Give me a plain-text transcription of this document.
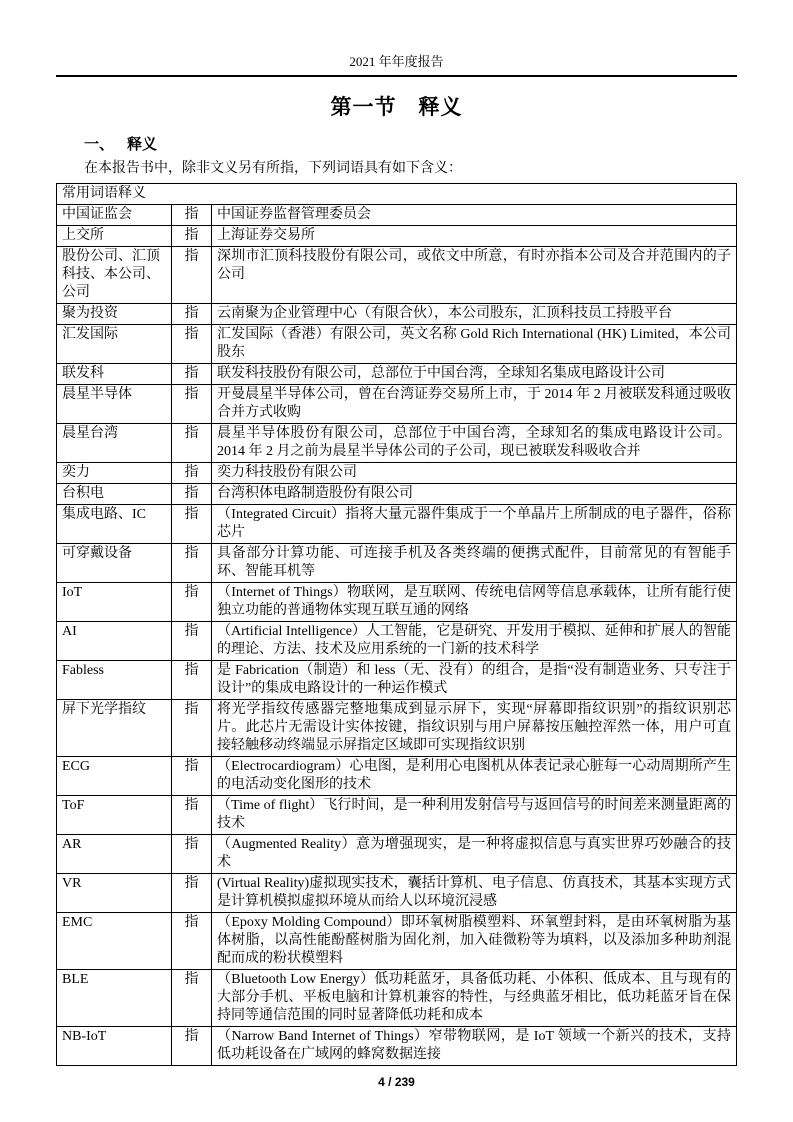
2021 年年度报告
第一节　释义
一、 释义
在本报告书中，除非文义另有所指，下列词语具有如下含义：
常用词语释义		
中国证监会	指	中国证券监督管理委员会
上交所	指	上海证券交易所
股份公司、汇顶科技、本公司、公司	指	深圳市汇顶科技股份有限公司，或依文中所意，有时亦指本公司及合并范围内的子公司
聚为投资	指	云南聚为企业管理中心（有限合伙），本公司股东，汇顶科技员工持股平台
汇发国际	指	汇发国际（香港）有限公司，英文名称 Gold Rich International (HK) Limited，本公司股东
联发科	指	联发科技股份有限公司，总部位于中国台湾，全球知名集成电路设计公司
晨星半导体	指	开曼晨星半导体公司，曾在台湾证券交易所上市，于 2014 年 2 月被联发科通过吸收合并方式收购
晨星台湾	指	晨星半导体股份有限公司，总部位于中国台湾，全球知名的集成电路设计公司。2014 年 2 月之前为晨星半导体公司的子公司，现已被联发科吸收合并
奕力	指	奕力科技股份有限公司
台积电	指	台湾积体电路制造股份有限公司
集成电路、IC	指	（Integrated Circuit）指将大量元器件集成于一个单晶片上所制成的电子器件，俗称芯片
可穿戴设备	指	具备部分计算功能、可连接手机及各类终端的便携式配件，目前常见的有智能手环、智能耳机等
IoT	指	（Internet of Things）物联网，是互联网、传统电信网等信息承载体，让所有能行使独立功能的普通物体实现互联互通的网络
AI	指	（Artificial Intelligence）人工智能，它是研究、开发用于模拟、延伸和扩展人的智能的理论、方法、技术及应用系统的一门新的技术科学
Fabless	指	是 Fabrication（制造）和 less（无、没有）的组合，是指“没有制造业务、只专注于设计”的集成电路设计的一种运作模式
屏下光学指纹	指	将光学指纹传感器完整地集成到显示屏下，实现“屏幕即指纹识别”的指纹识别芯片。此芯片无需设计实体按键，指纹识别与用户屏幕按压触控浑然一体，用户可直接轻触移动终端显示屏指定区域即可实现指纹识别
ECG	指	（Electrocardiogram）心电图，是利用心电图机从体表记录心脏每一心动周期所产生的电活动变化图形的技术
ToF	指	（Time of flight）飞行时间，是一种利用发射信号与返回信号的时间差来测量距离的技术
AR	指	（Augmented Reality）意为增强现实，是一种将虚拟信息与真实世界巧妙融合的技术
VR	指	(Virtual Reality)虚拟现实技术，囊括计算机、电子信息、仿真技术，其基本实现方式是计算机模拟虚拟环境从而给人以环境沉浸感
EMC	指	（Epoxy Molding Compound）即环氧树脂模塑料、环氧塑封料，是由环氧树脂为基体树脂，以高性能酚醛树脂为固化剂，加入硅微粉等为填料，以及添加多种助剂混配而成的粉状模塑料
BLE	指	（Bluetooth Low Energy）低功耗蓝牙，具备低功耗、小体积、低成本、且与现有的大部分手机、平板电脑和计算机兼容的特性，与经典蓝牙相比，低功耗蓝牙旨在保持同等通信范围的同时显著降低功耗和成本
NB-IoT	指	（Narrow Band Internet of Things）窄带物联网，是 IoT 领域一个新兴的技术，支持低功耗设备在广域网的蜂窝数据连接
4 / 239
